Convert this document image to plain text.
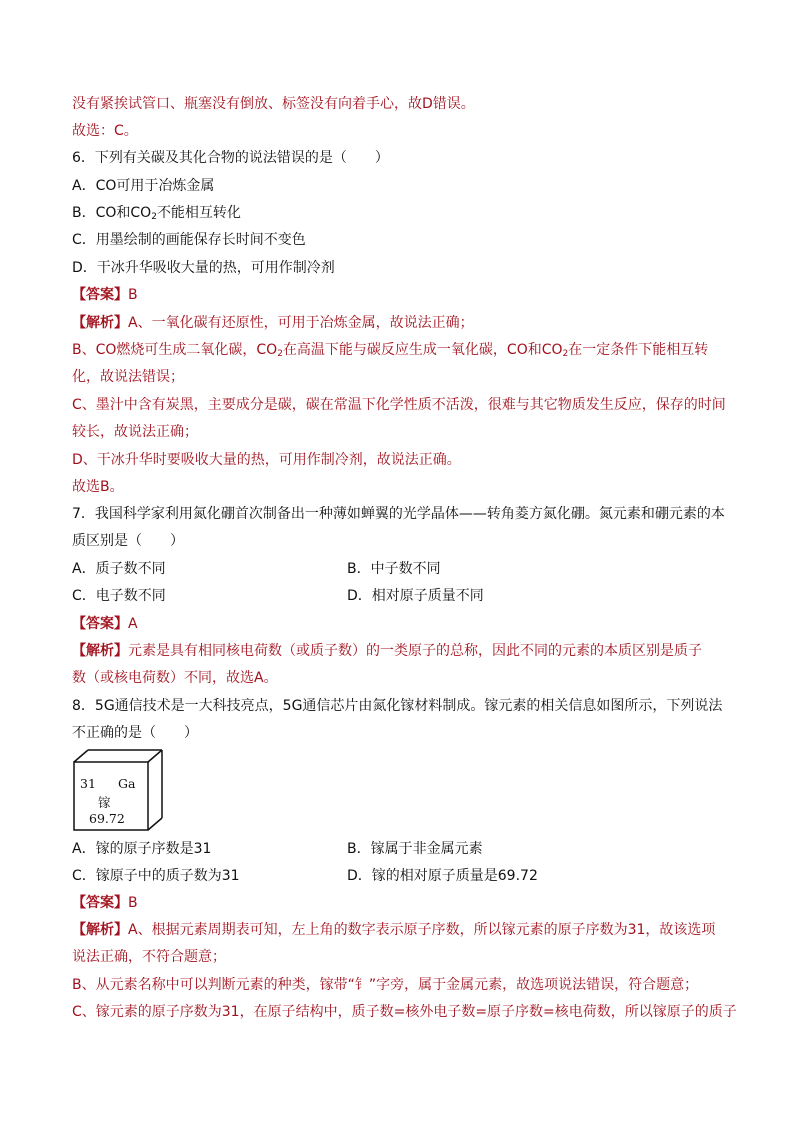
没有紧挨试管口、瓶塞没有倒放、标签没有向着手心，故D错误。
故选：C。
6．下列有关碳及其化合物的说法错误的是（　　）
A．CO可用于冶炼金属
B．CO和$CO_2$不能相互转化
C．用墨绘制的画能保存长时间不变色
D．干冰升华吸收大量的热，可用作制冷剂
【答案】B
【解析】A、一氧化碳有还原性，可用于冶炼金属，故说法正确；
B、CO燃烧可生成二氧化碳，$CO_2$在高温下能与碳反应生成一氧化碳，CO和$CO_2$在一定条件下能相互转
化，故说法错误；
C、墨汁中含有炭黑，主要成分是碳，碳在常温下化学性质不活泼，很难与其它物质发生反应，保存的时间
较长，故说法正确；
D、干冰升华时要吸收大量的热，可用作制冷剂，故说法正确。
故选B。
7．我国科学家利用氮化硼首次制备出一种薄如蝉翼的光学晶体——转角菱方氮化硼。氮元素和硼元素的本
质区别是（　　）
A．质子数不同	B．中子数不同
C．电子数不同	D．相对原子质量不同
【答案】A
【解析】元素是具有相同核电荷数（或质子数）的一类原子的总称，因此不同的元素的本质区别是质子
数（或核电荷数）不同，故选A。
8．5G通信技术是一大科技亮点，5G通信芯片由氮化镓材料制成。镓元素的相关信息如图所示，下列说法
不正确的是（　　）
31 Ga
镓
69.72
A．镓的原子序数是31	B．镓属于非金属元素
C．镓原子中的质子数为31	D．镓的相对原子质量是69.72
【答案】B
【解析】A、根据元素周期表可知，左上角的数字表示原子序数，所以镓元素的原子序数为31，故该选项
说法正确，不符合题意；
B、从元素名称中可以判断元素的种类，镓带“钅”字旁，属于金属元素，故选项说法错误，符合题意；
C、镓元素的原子序数为31，在原子结构中，质子数=核外电子数=原子序数=核电荷数，所以镓原子的质子
